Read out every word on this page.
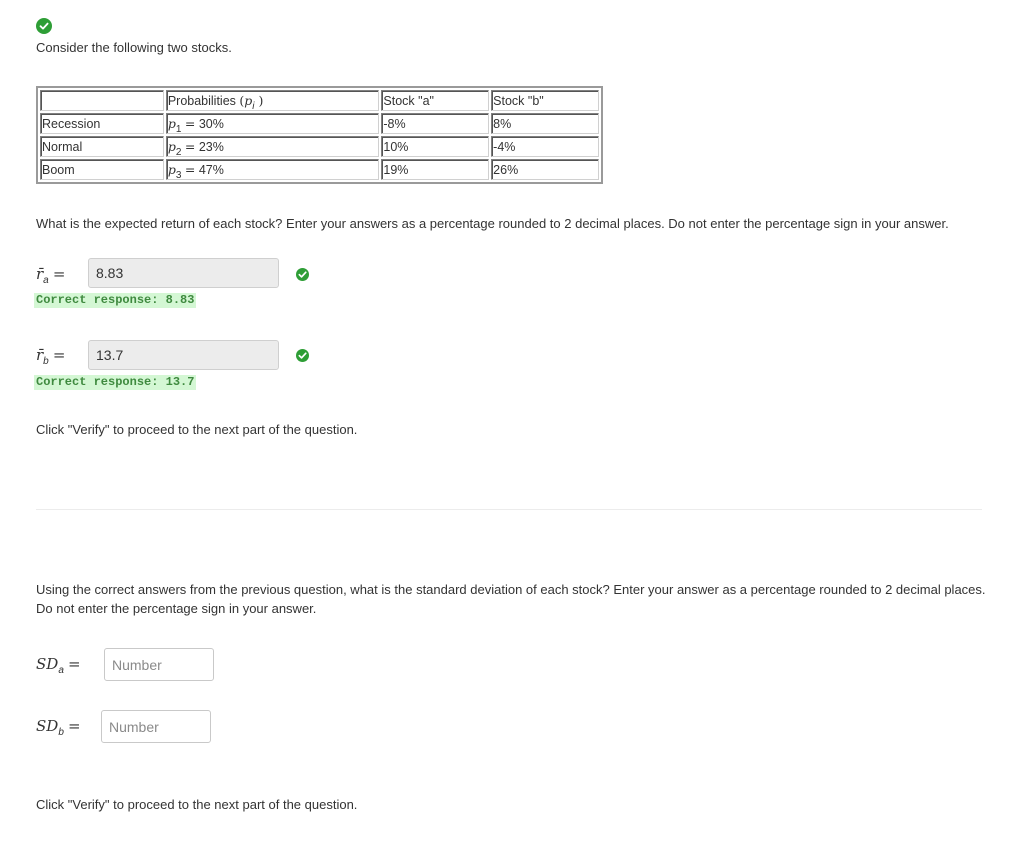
Consider the following two stocks.
	Probabilities ($p_i$ )	Stock "a"	Stock "b"
Recession	$p_1 = 30\%$	-8%	8%
Normal	$p_2 = 23\%$	10%	-4%
Boom	$p_3 = 47\%$	19%	26%
What is the expected return of each stock? Enter your answers as a percentage rounded to 2 decimal places. Do not enter the percentage sign in your answer.
$r̄_a$ =	8.83
Correct response: 8.83
$r̄_b$ =	13.7
Correct response: 13.7
Click "Verify" to proceed to the next part of the question.
Using the correct answers from the previous question, what is the standard deviation of each stock? Enter your answer as a percentage rounded to 2 decimal places. Do not enter the percentage sign in your answer.
$SD_a$ =
Number
$SD_b$ =
Number
Click "Verify" to proceed to the next part of the question.
